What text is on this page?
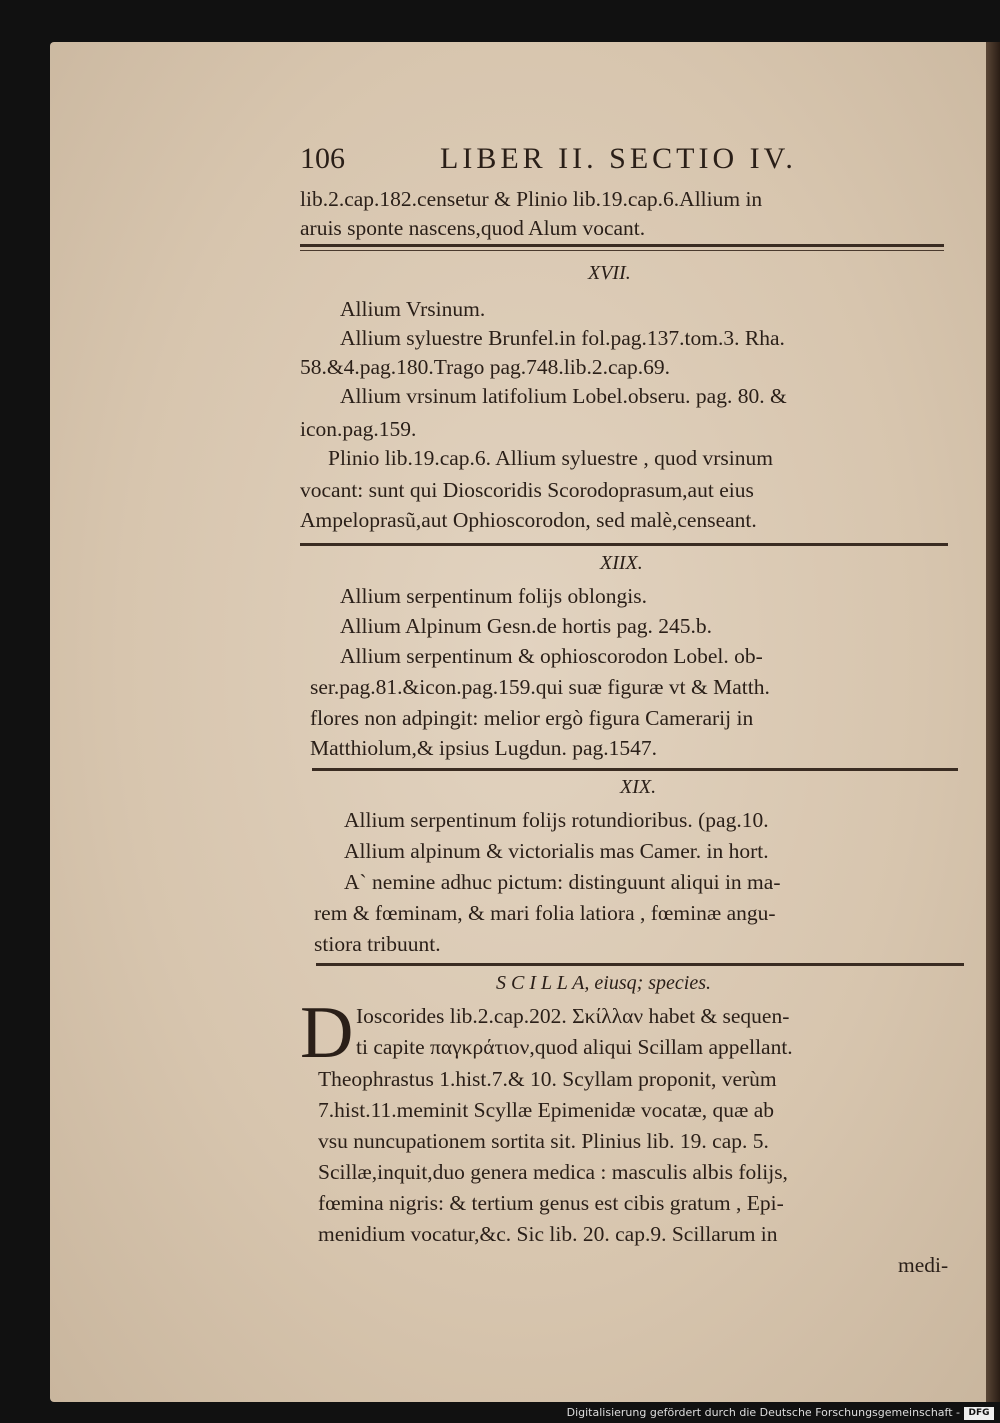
106	LIBER II. SECTIO IV.
lib.2.cap.182.censetur & Plinio lib.19.cap.6.Allium in
aruis sponte nascens,quod Alum vocant.
XVII.
Allium Vrsinum.
Allium syluestre Brunfel.in fol.pag.137.tom.3. Rha.
58.&4.pag.180.Trago pag.748.lib.2.cap.69.
Allium vrsinum latifolium Lobel.obseru. pag. 80. &
icon.pag.159.
Plinio lib.19.cap.6. Allium syluestre , quod vrsinum
vocant: sunt qui Dioscoridis Scorodoprasum,aut eius
Ampeloprasũ,aut Ophioscorodon, sed malè,censeant.
XIIX.
Allium serpentinum folijs oblongis.
Allium Alpinum Gesn.de hortis pag. 245.b.
Allium serpentinum & ophioscorodon Lobel. ob-
ser.pag.81.&icon.pag.159.qui suæ figuræ vt & Matth.
flores non adpingit: melior ergò figura Camerarij in
Matthiolum,& ipsius Lugdun. pag.1547.
XIX.
Allium serpentinum folijs rotundioribus. (pag.10.
Allium alpinum & victorialis mas Camer. in hort.
A` nemine adhuc pictum: distinguunt aliqui in ma-
rem & fœminam, & mari folia latiora , fœminæ angu-
stiora tribuunt.
S C I L L A, eiusq; species.
D Ioscorides lib.2.cap.202. Σκίλλαν habet & sequen-
ti capite παγκράτιον,quod aliqui Scillam appellant.
Theophrastus 1.hist.7.& 10. Scyllam proponit, verùm
7.hist.11.meminit Scyllæ Epimenidæ vocatæ, quæ ab
vsu nuncupationem sortita sit. Plinius lib. 19. cap. 5.
Scillæ,inquit,duo genera medica : masculis albis folijs,
fœmina nigris: & tertium genus est cibis gratum , Epi-
menidium vocatur,&c. Sic lib. 20. cap.9. Scillarum in
medi-
Digitalisierung gefördert durch die Deutsche Forschungsgemeinschaft - DFG
